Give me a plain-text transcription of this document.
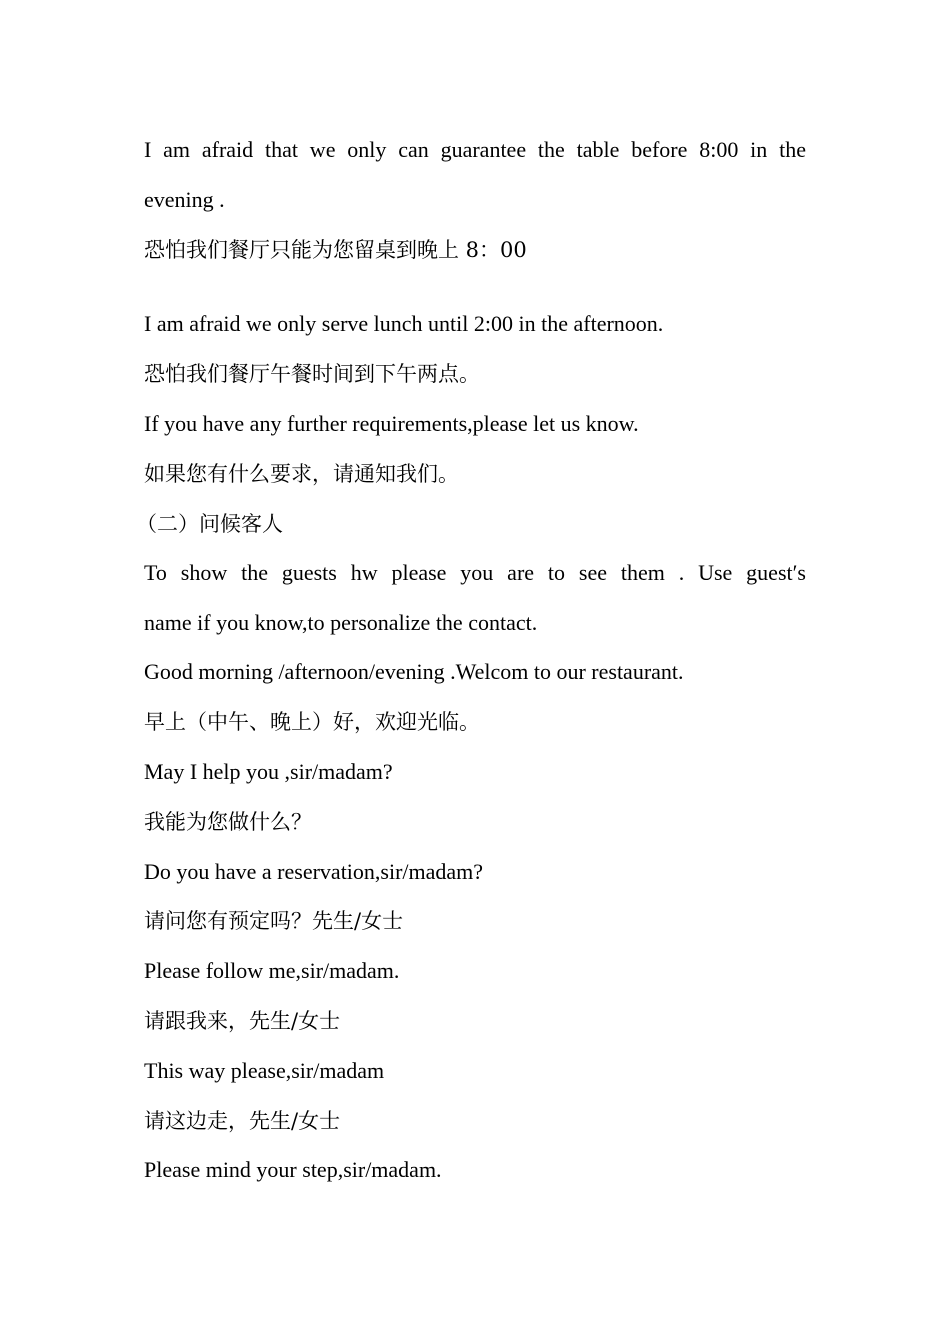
I am afraid that we only can guarantee the table before 8:00 in the

evening .

恐怕我们餐厅只能为您留桌到晚上 8：00

I am afraid we only serve lunch until 2:00 in the afternoon.

恐怕我们餐厅午餐时间到下午两点。

If you have any further requirements,please let us know.

如果您有什么要求，请通知我们。

（二）问候客人

To show the guests hw please you are to see them . Use guest′s

name if you know,to personalize the contact.

Good morning /afternoon/evening .Welcom to our restaurant.

早上（中午、晚上）好，欢迎光临。

May I help you ,sir/madam?

我能为您做什么？

Do you have a reservation,sir/madam?

请问您有预定吗？先生/女士

Please follow me,sir/madam.

请跟我来，先生/女士

This way please,sir/madam

请这边走，先生/女士

Please mind your step,sir/madam.
